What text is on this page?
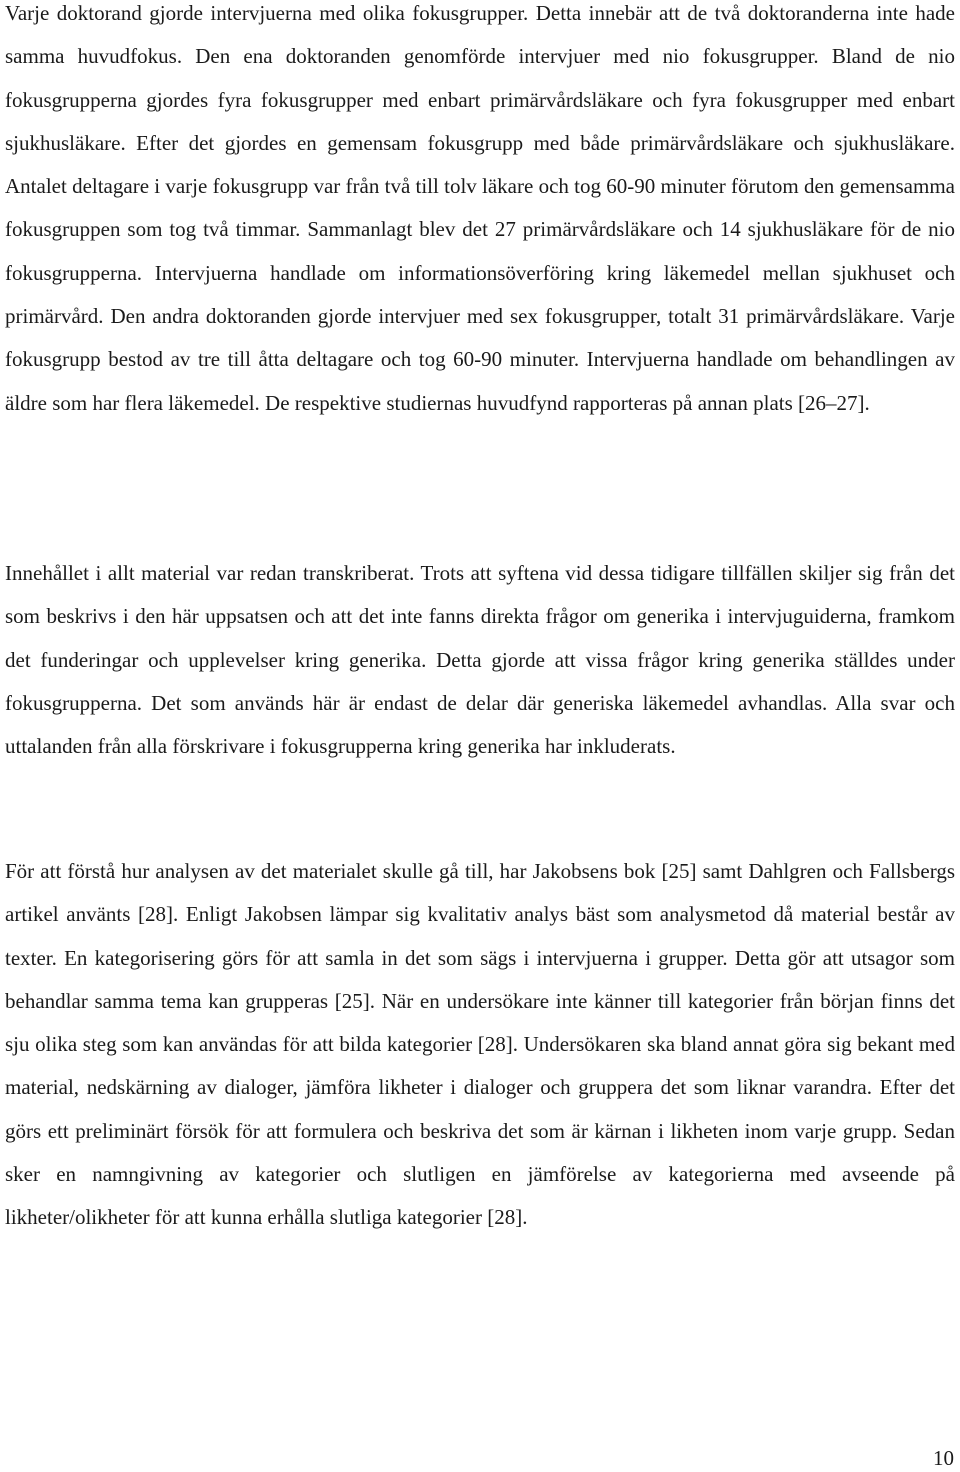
Varje doktorand gjorde intervjuerna med olika fokusgrupper. Detta innebär att de två doktoranderna inte hade samma huvudfokus. Den ena doktoranden genomförde intervjuer med nio fokusgrupper. Bland de nio fokusgrupperna gjordes fyra fokusgrupper med enbart primärvårdsläkare och fyra fokusgrupper med enbart sjukhusläkare. Efter det gjordes en gemensam fokusgrupp med både primärvårdsläkare och sjukhusläkare. Antalet deltagare i varje fokusgrupp var från två till tolv läkare och tog 60-90 minuter förutom den gemensamma fokusgruppen som tog två timmar. Sammanlagt blev det 27 primärvårdsläkare och 14 sjukhusläkare för de nio fokusgrupperna. Intervjuerna handlade om informationsöverföring kring läkemedel mellan sjukhuset och primärvård. Den andra doktoranden gjorde intervjuer med sex fokusgrupper, totalt 31 primärvårdsläkare. Varje fokusgrupp bestod av tre till åtta deltagare och tog 60-90 minuter. Intervjuerna handlade om behandlingen av äldre som har flera läkemedel. De respektive studiernas huvudfynd rapporteras på annan plats [26–27].

Innehållet i allt material var redan transkriberat. Trots att syftena vid dessa tidigare tillfällen skiljer sig från det som beskrivs i den här uppsatsen och att det inte fanns direkta frågor om generika i intervjuguiderna, framkom det funderingar och upplevelser kring generika. Detta gjorde att vissa frågor kring generika ställdes under fokusgrupperna. Det som används här är endast de delar där generiska läkemedel avhandlas. Alla svar och uttalanden från alla förskrivare i fokusgrupperna kring generika har inkluderats.

För att förstå hur analysen av det materialet skulle gå till, har Jakobsens bok [25] samt Dahlgren och Fallsbergs artikel använts [28]. Enligt Jakobsen lämpar sig kvalitativ analys bäst som analysmetod då material består av texter. En kategorisering görs för att samla in det som sägs i intervjuerna i grupper. Detta gör att utsagor som behandlar samma tema kan grupperas [25]. När en undersökare inte känner till kategorier från början finns det sju olika steg som kan användas för att bilda kategorier [28]. Undersökaren ska bland annat göra sig bekant med material, nedskärning av dialoger, jämföra likheter i dialoger och gruppera det som liknar varandra. Efter det görs ett preliminärt försök för att formulera och beskriva det som är kärnan i likheten inom varje grupp. Sedan sker en namngivning av kategorier och slutligen en jämförelse av kategorierna med avseende på likheter/olikheter för att kunna erhålla slutliga kategorier [28].

10
